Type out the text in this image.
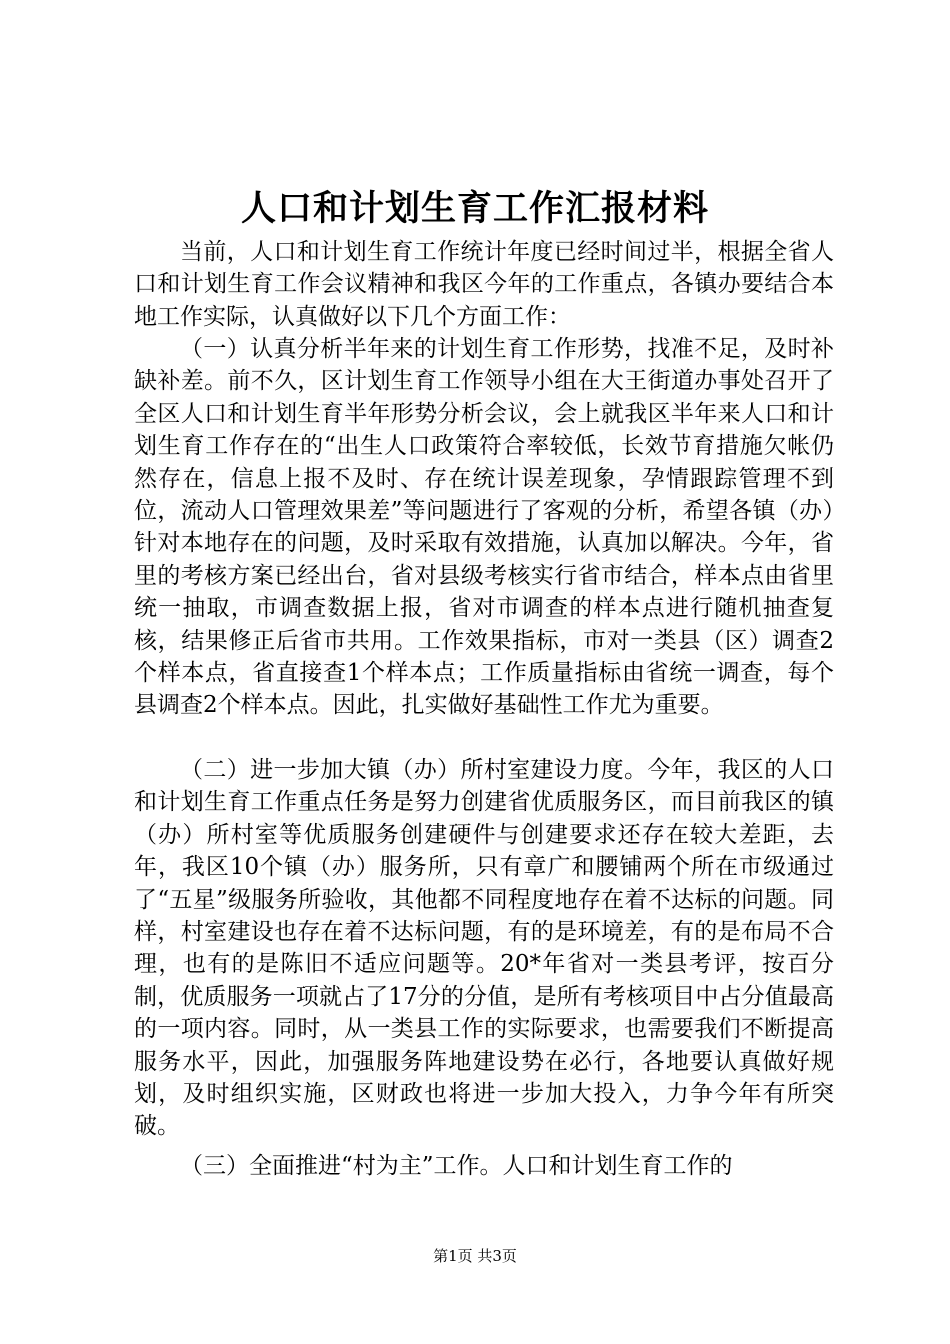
人口和计划生育工作汇报材料

当前，人口和计划生育工作统计年度已经时间过半，根据全省人口和计划生育工作会议精神和我区今年的工作重点，各镇办要结合本地工作实际，认真做好以下几个方面工作：

（一）认真分析半年来的计划生育工作形势，找准不足，及时补缺补差。前不久，区计划生育工作领导小组在大王街道办事处召开了全区人口和计划生育半年形势分析会议，会上就我区半年来人口和计划生育工作存在的“出生人口政策符合率较低，长效节育措施欠帐仍然存在，信息上报不及时、存在统计误差现象，孕情跟踪管理不到位，流动人口管理效果差”等问题进行了客观的分析，希望各镇（办）针对本地存在的问题，及时采取有效措施，认真加以解决。今年，省里的考核方案已经出台，省对县级考核实行省市结合，样本点由省里统一抽取，市调查数据上报，省对市调查的样本点进行随机抽查复核，结果修正后省市共用。工作效果指标，市对一类县（区）调查2个样本点，省直接查1个样本点；工作质量指标由省统一调查，每个县调查2个样本点。因此，扎实做好基础性工作尤为重要。

（二）进一步加大镇（办）所村室建设力度。今年，我区的人口和计划生育工作重点任务是努力创建省优质服务区，而目前我区的镇（办）所村室等优质服务创建硬件与创建要求还存在较大差距，去年，我区10个镇（办）服务所，只有章广和腰铺两个所在市级通过了“五星”级服务所验收，其他都不同程度地存在着不达标的问题。同样，村室建设也存在着不达标问题，有的是环境差，有的是布局不合理，也有的是陈旧不适应问题等。20*年省对一类县考评，按百分制，优质服务一项就占了17分的分值，是所有考核项目中占分值最高的一项内容。同时，从一类县工作的实际要求，也需要我们不断提高服务水平，因此，加强服务阵地建设势在必行，各地要认真做好规划，及时组织实施，区财政也将进一步加大投入，力争今年有所突破。

（三）全面推进“村为主”工作。人口和计划生育工作的

第1页 共3页
